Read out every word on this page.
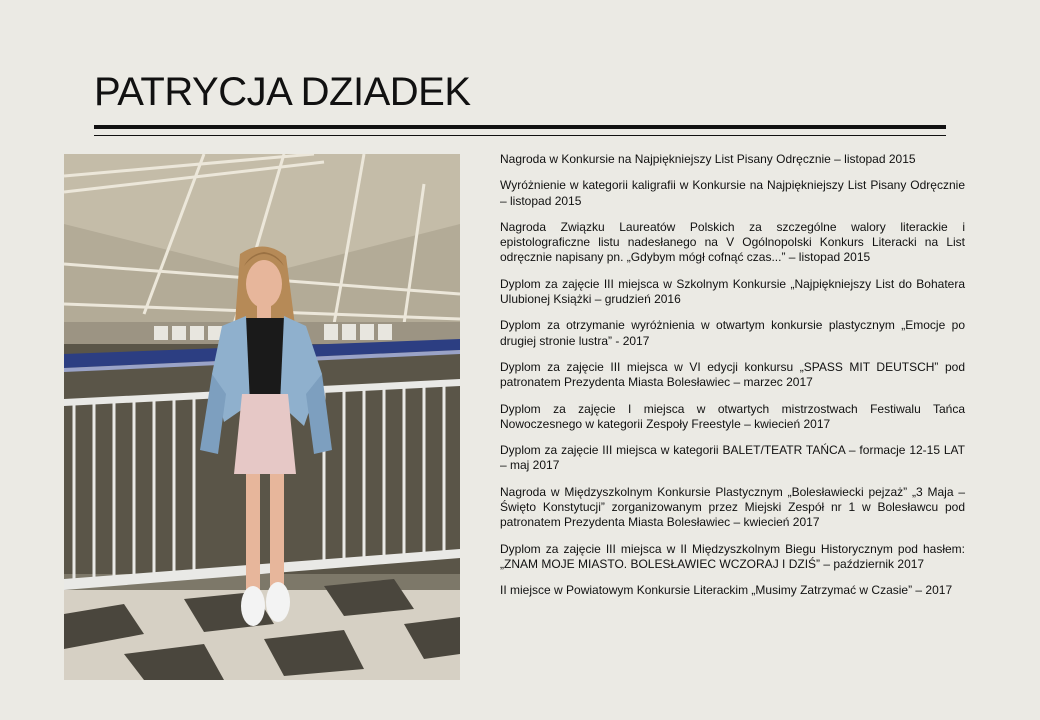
PATRYCJA DZIADEK
Nagroda w Konkursie na Najpiękniejszy List Pisany Odręcznie – listopad 2015
Wyróżnienie w kategorii kaligrafii w Konkursie na Najpiękniejszy List Pisany Odręcznie – listopad 2015
Nagroda Związku Laureatów Polskich za szczególne walory literackie i epistolograficzne listu nadesłanego na V Ogólnopolski Konkurs Literacki na List odręcznie napisany pn. „Gdybym mógł cofnąć czas...” – listopad 2015
Dyplom za zajęcie III miejsca w Szkolnym Konkursie „Najpiękniejszy List do Bohatera Ulubionej Książki – grudzień 2016
Dyplom za otrzymanie wyróżnienia w otwartym konkursie plastycznym „Emocje po drugiej stronie lustra” - 2017
Dyplom za zajęcie III miejsca w VI edycji konkursu „SPASS MIT DEUTSCH” pod patronatem Prezydenta Miasta Bolesławiec – marzec 2017
Dyplom za zajęcie I miejsca w otwartych mistrzostwach Festiwalu Tańca Nowoczesnego w kategorii Zespoły Freestyle – kwiecień 2017
Dyplom za zajęcie III miejsca w kategorii BALET/TEATR TAŃCA – formacje 12-15 LAT – maj 2017
Nagroda w Międzyszkolnym Konkursie Plastycznym „Bolesławiecki pejzaż” „3 Maja – Święto Konstytucji” zorganizowanym przez Miejski Zespół nr 1 w Bolesławcu pod patronatem Prezydenta Miasta Bolesławiec – kwiecień 2017
Dyplom za zajęcie III miejsca w II Międzyszkolnym Biegu Historycznym pod hasłem: „ZNAM MOJE MIASTO. BOLESŁAWIEC WCZORAJ I DZIŚ” – październik 2017
II miejsce w Powiatowym Konkursie Literackim „Musimy Zatrzymać w Czasie” – 2017
